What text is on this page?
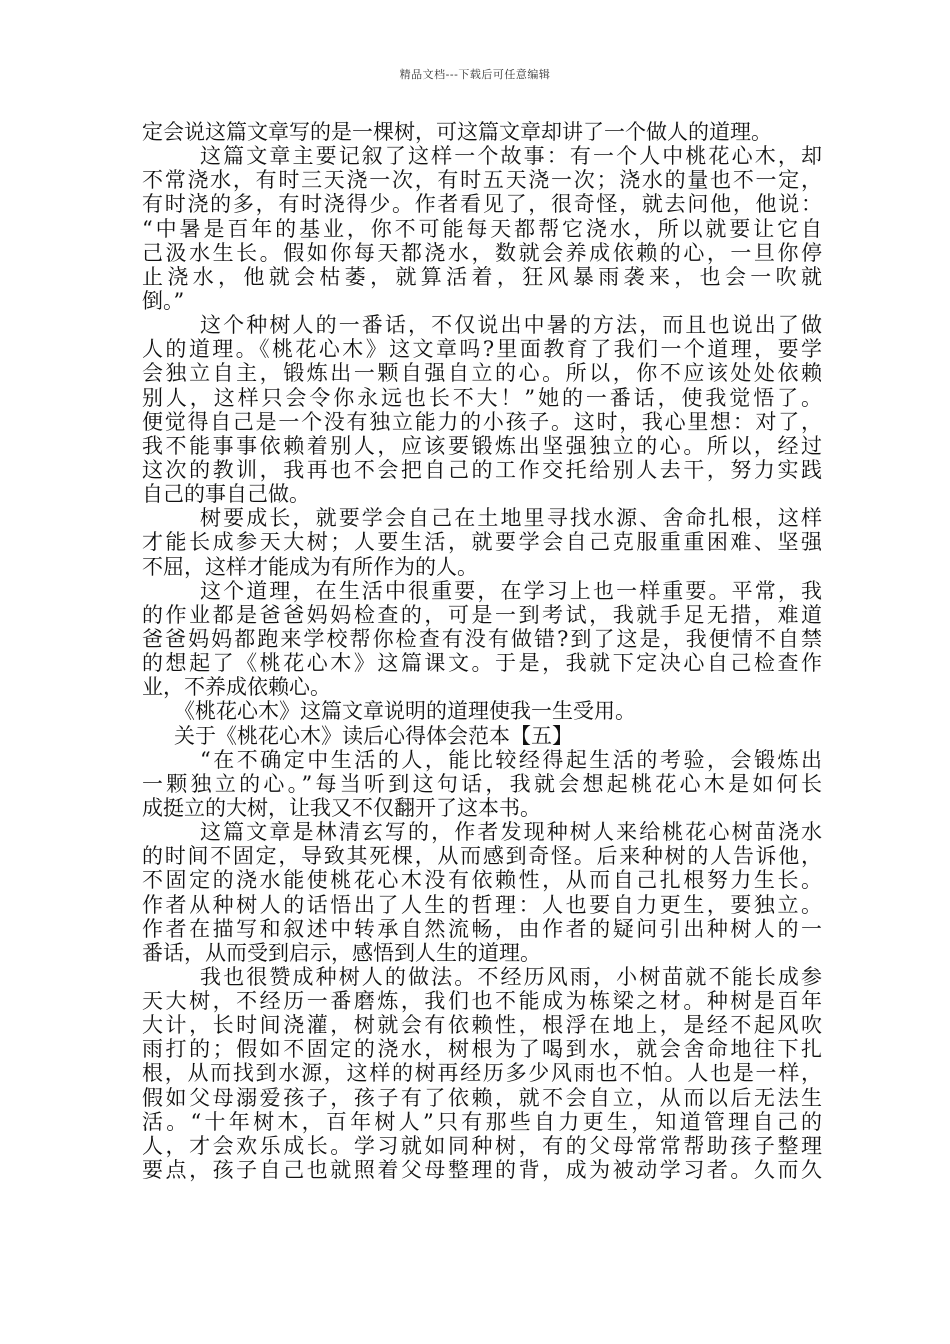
精品文档---下载后可任意编辑
定会说这篇文章写的是一棵树，可这篇文章却讲了一个做人的道理。
这篇文章主要记叙了这样一个故事：有一个人中桃花心木，却
不常浇水，有时三天浇一次，有时五天浇一次；浇水的量也不一定，
有时浇的多，有时浇得少。作者看见了，很奇怪，就去问他，他说：
“中暑是百年的基业，你不可能每天都帮它浇水，所以就要让它自
己汲水生长。假如你每天都浇水，数就会养成依赖的心，一旦你停
止浇水，他就会枯萎，就算活着，狂风暴雨袭来，也会一吹就
倒。”
这个种树人的一番话，不仅说出中暑的方法，而且也说出了做
人的道理。《桃花心木》这文章吗?里面教育了我们一个道理，要学
会独立自主，锻炼出一颗自强自立的心。所以，你不应该处处依赖
别人，这样只会令你永远也长不大！”她的一番话，使我觉悟了。
便觉得自己是一个没有独立能力的小孩子。这时，我心里想：对了，
我不能事事依赖着别人，应该要锻炼出坚强独立的心。所以，经过
这次的教训，我再也不会把自己的工作交托给别人去干，努力实践
自己的事自己做。
树要成长，就要学会自己在土地里寻找水源、舍命扎根，这样
才能长成参天大树；人要生活，就要学会自己克服重重困难、坚强
不屈，这样才能成为有所作为的人。
这个道理，在生活中很重要，在学习上也一样重要。平常，我
的作业都是爸爸妈妈检查的，可是一到考试，我就手足无措，难道
爸爸妈妈都跑来学校帮你检查有没有做错?到了这是，我便情不自禁
的想起了《桃花心木》这篇课文。于是，我就下定决心自己检查作
业，不养成依赖心。
《桃花心木》这篇文章说明的道理使我一生受用。
关于《桃花心木》读后心得体会范本【五】
“在不确定中生活的人，能比较经得起生活的考验，会锻炼出
一颗独立的心。”每当听到这句话，我就会想起桃花心木是如何长
成挺立的大树，让我又不仅翻开了这本书。
这篇文章是林清玄写的，作者发现种树人来给桃花心树苗浇水
的时间不固定，导致其死棵，从而感到奇怪。后来种树的人告诉他，
不固定的浇水能使桃花心木没有依赖性，从而自己扎根努力生长。
作者从种树人的话悟出了人生的哲理：人也要自力更生，要独立。
作者在描写和叙述中转承自然流畅，由作者的疑问引出种树人的一
番话，从而受到启示，感悟到人生的道理。
我也很赞成种树人的做法。不经历风雨，小树苗就不能长成参
天大树，不经历一番磨炼，我们也不能成为栋梁之材。种树是百年
大计，长时间浇灌，树就会有依赖性，根浮在地上，是经不起风吹
雨打的；假如不固定的浇水，树根为了喝到水，就会舍命地往下扎
根，从而找到水源，这样的树再经历多少风雨也不怕。人也是一样，
假如父母溺爱孩子，孩子有了依赖，就不会自立，从而以后无法生
活。“十年树木，百年树人”只有那些自力更生，知道管理自己的
人，才会欢乐成长。学习就如同种树，有的父母常常帮助孩子整理
要点，孩子自己也就照着父母整理的背，成为被动学习者。久而久
